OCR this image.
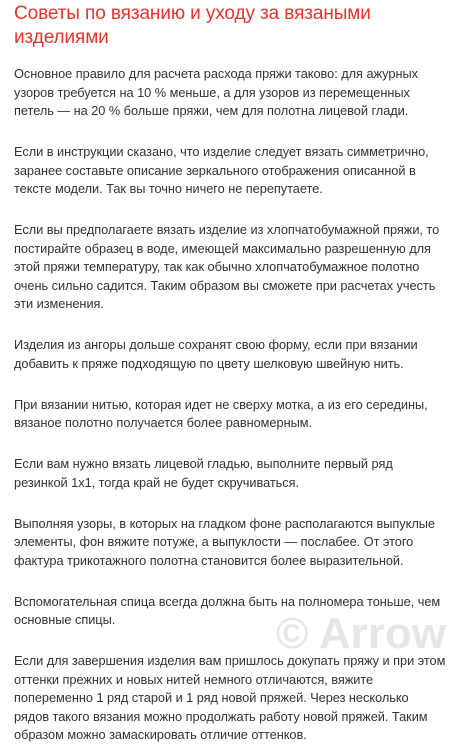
Советы по вязанию и уходу за вязаными изделиями

Основное правило для расчета расхода пряжи таково: для ажурных узоров требуется на 10 % меньше, а для узоров из перемещенных петель — на 20 % больше пряжи, чем для полотна лицевой глади.

Если в инструкции сказано, что изделие следует вязать симметрично, заранее составьте описание зеркального отображения описанной в тексте модели. Так вы точно ничего не перепутаете.

Если вы предполагаете вязать изделие из хлопчатобумажной пряжи, то постирайте образец в воде, имеющей максимально разрешенную для этой пряжи температуру, так как обычно хлопчатобумажное полотно очень сильно садится. Таким образом вы сможете при расчетах учесть эти изменения.

Изделия из ангоры дольше сохранят свою форму, если при вязании добавить к пряже подходящую по цвету шелковую швейную нить.

При вязании нитью, которая идет не сверху мотка, а из его середины, вязаное полотно получается более равномерным.

Если вам нужно вязать лицевой гладью, выполните первый ряд резинкой 1х1, тогда край не будет скручиваться.

Выполняя узоры, в которых на гладком фоне располагаются выпуклые элементы, фон вяжите потуже, а выпуклости — послабее. От этого фактура трикотажного полотна становится более выразительной.

Вспомогательная спица всегда должна быть на полномера тоньше, чем основные спицы.

Если для завершения изделия вам пришлось докупать пряжу и при этом оттенки прежних и новых нитей немного отличаются, вяжите попеременно 1 ряд старой и 1 ряд новой пряжей. Через несколько рядов такого вязания можно продолжать работу новой пряжей. Таким образом можно замаскировать отличие оттенков.

© Arrow
